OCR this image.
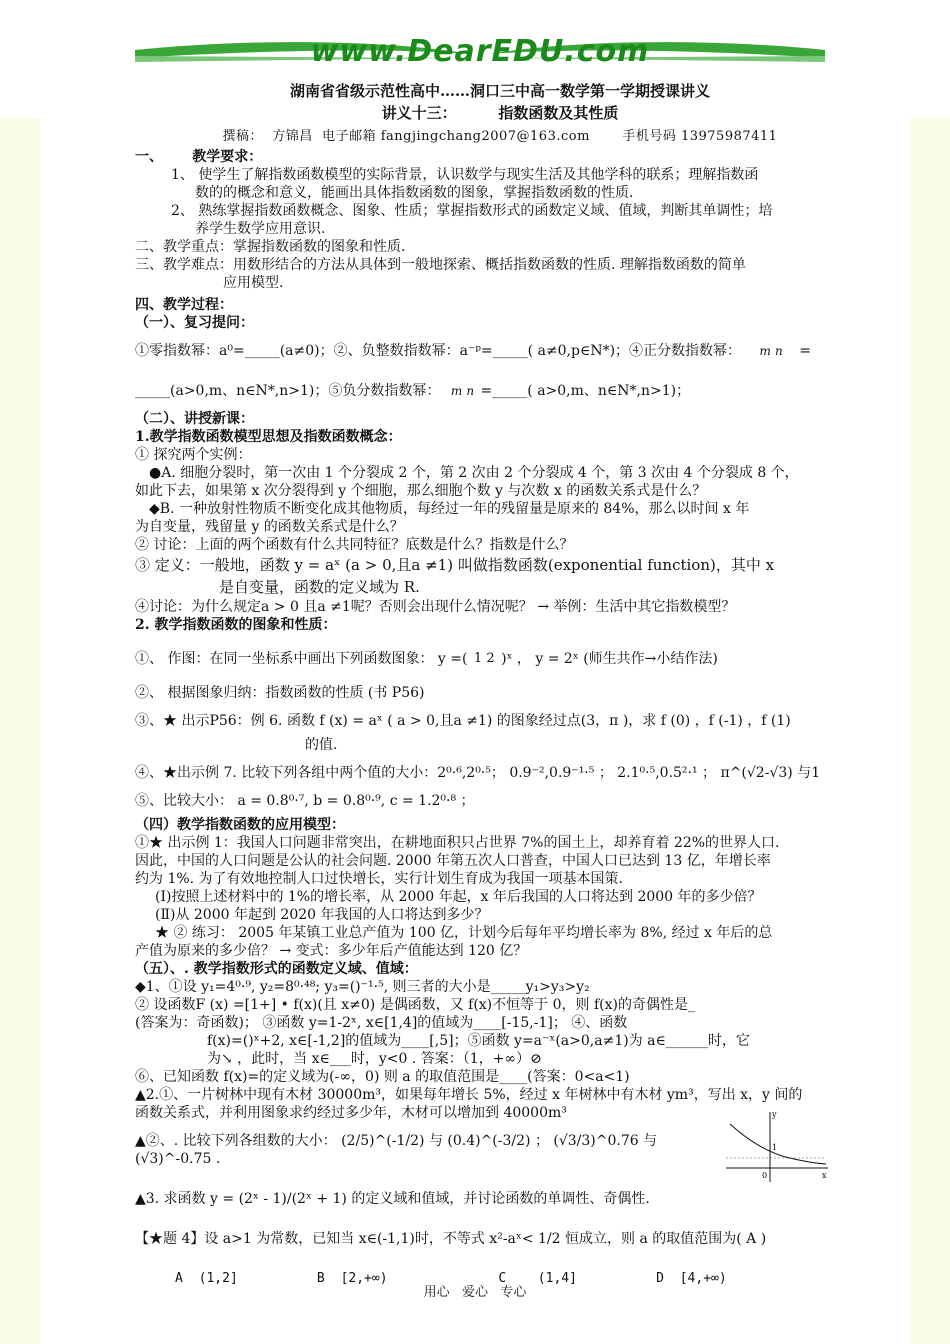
www.DearEDU.com

湖南省省级示范性高中……洞口三中高一数学第一学期授课讲义

讲义十三：        指数函数及其性质

撰稿：  方锦昌  电子邮箱 fangjingchang2007@163.com       手机号码 13975987411

一、      教学要求：

1、 使学生了解指数函数模型的实际背景，认识数学与现实生活及其他学科的联系；理解指数函

数的的概念和意义，能画出具体指数函数的图象，掌握指数函数的性质.

2、 熟练掌握指数函数概念、图象、性质；掌握指数形式的函数定义域、值域，判断其单调性；培

养学生数学应用意识.

二、教学重点：掌握指数函数的图象和性质.

三、教学难点：用数形结合的方法从具体到一般地探索、概括指数函数的性质. 理解指数函数的简单

应用模型.

四、教学过程：

（一）、复习提问：

①零指数幂：a⁰=_____(a≠0)；②、负整数指数幂：a⁻ᵖ=_____( a≠0,p∈N*)；④正分数指数幂： m n =

_____(a>0,m、n∈N*,n>1)；⑤负分数指数幂： m n =_____( a>0,m、n∈N*,n>1)；

（二）、讲授新课：

1.教学指数函数模型思想及指数函数概念：

① 探究两个实例：

●A. 细胞分裂时，第一次由 1 个分裂成 2 个，第 2 次由 2 个分裂成 4 个，第 3 次由 4 个分裂成 8 个，

如此下去，如果第 x 次分裂得到 y 个细胞，那么细胞个数 y 与次数 x 的函数关系式是什么？

◆B. 一种放射性物质不断变化成其他物质，每经过一年的残留量是原来的 84%，那么以时间 x 年

为自变量，残留量 y 的函数关系式是什么？

② 讨论：上面的两个函数有什么共同特征？底数是什么？指数是什么？

③ 定义：一般地，函数 y = aˣ (a > 0,且a ≠1) 叫做指数函数(exponential function)，其中 x

是自变量，函数的定义域为 R.

④讨论：为什么规定a > 0 且a ≠1呢？否则会出现什么情况呢？ → 举例：生活中其它指数模型？

2. 教学指数函数的图象和性质：

①、 作图：在同一坐标系中画出下列函数图象： y =( 1 2 )ˣ ， y = 2ˣ (师生共作→小结作法)

②、 根据图象归纳：指数函数的性质 (书 P56)

③、★ 出示P56：例 6. 函数 f (x) = aˣ ( a > 0,且a ≠1) 的图象经过点(3，π )，求 f (0) ，f (-1) ，f (1)

的值.

④、★出示例 7. 比较下列各组中两个值的大小：2⁰·⁶,2⁰·⁵； 0.9⁻²,0.9⁻¹·⁵ ； 2.1⁰·⁵,0.5²·¹ ； π^(√2-√3) 与1

⑤、比较大小： a = 0.8⁰·⁷, b = 0.8⁰·⁹, c = 1.2⁰·⁸ ；

（四）教学指数函数的应用模型：

①★ 出示例 1：我国人口问题非常突出，在耕地面积只占世界 7%的国土上，却养育着 22%的世界人口.

因此，中国的人口问题是公认的社会问题. 2000 年第五次人口普查，中国人口已达到 13 亿，年增长率

约为 1%. 为了有效地控制人口过快增长，实行计划生育成为我国一项基本国策.

(Ⅰ)按照上述材料中的 1%的增长率，从 2000 年起，x 年后我国的人口将达到 2000 年的多少倍？

(Ⅱ)从 2000 年起到 2020 年我国的人口将达到多少？

★ ② 练习： 2005 年某镇工业总产值为 100 亿，计划今后每年平均增长率为 8%, 经过 x 年后的总

产值为原来的多少倍？ → 变式：多少年后产值能达到 120 亿？

（五）、. 教学指数形式的函数定义域、值域：

◆1、①设 y₁=4⁰·⁹, y₂=8⁰·⁴⁸; y₃=()⁻¹·⁵, 则三者的大小是_____y₁>y₃>y₂

② 设函数F (x) =[1+] • f(x)(且 x≠0) 是偶函数，又 f(x)不恒等于 0，则 f(x)的奇偶性是_

(答案为：奇函数)； ③函数 y=1-2ˣ, x∈[1,4]的值域为____[-15,-1]； ④、函数

f(x)=()ˣ+2, x∈[-1,2]的值域为____[,5]；⑤函数 y=a⁻ˣ(a>0,a≠1)为 a∈______时，它

为↘ ，此时，当 x∈___时，y<0 . 答案：（1，+∞）⊘

⑥、已知函数 f(x)=的定义域为(-∞，0) 则 a 的取值范围是____(答案：0<a<1)

▲2.①、一片树林中现有木材 30000m³，如果每年增长 5%，经过 x 年树林中有木材 ym³，写出 x，y 间的

函数关系式，并利用图象求约经过多少年，木材可以增加到 40000m³

▲②、. 比较下列各组数的大小： (2/5)^(-1/2) 与 (0.4)^(-3/2) ； (√3/3)^0.76 与 (√3)^-0.75 .

▲3. 求函数 y = (2ˣ - 1)/(2ˣ + 1) 的定义域和值域，并讨论函数的单调性、奇偶性.

【★题 4】设 a>1 为常数，已知当 x∈(-1,1)时，不等式 x²-aˣ< 1/2 恒成立，则 a 的取值范围为( A )

A (1,2]     B [2,+∞)       C  (1,4]     D [4,+∞)

y
x
0
1
用心   爱心   专心
